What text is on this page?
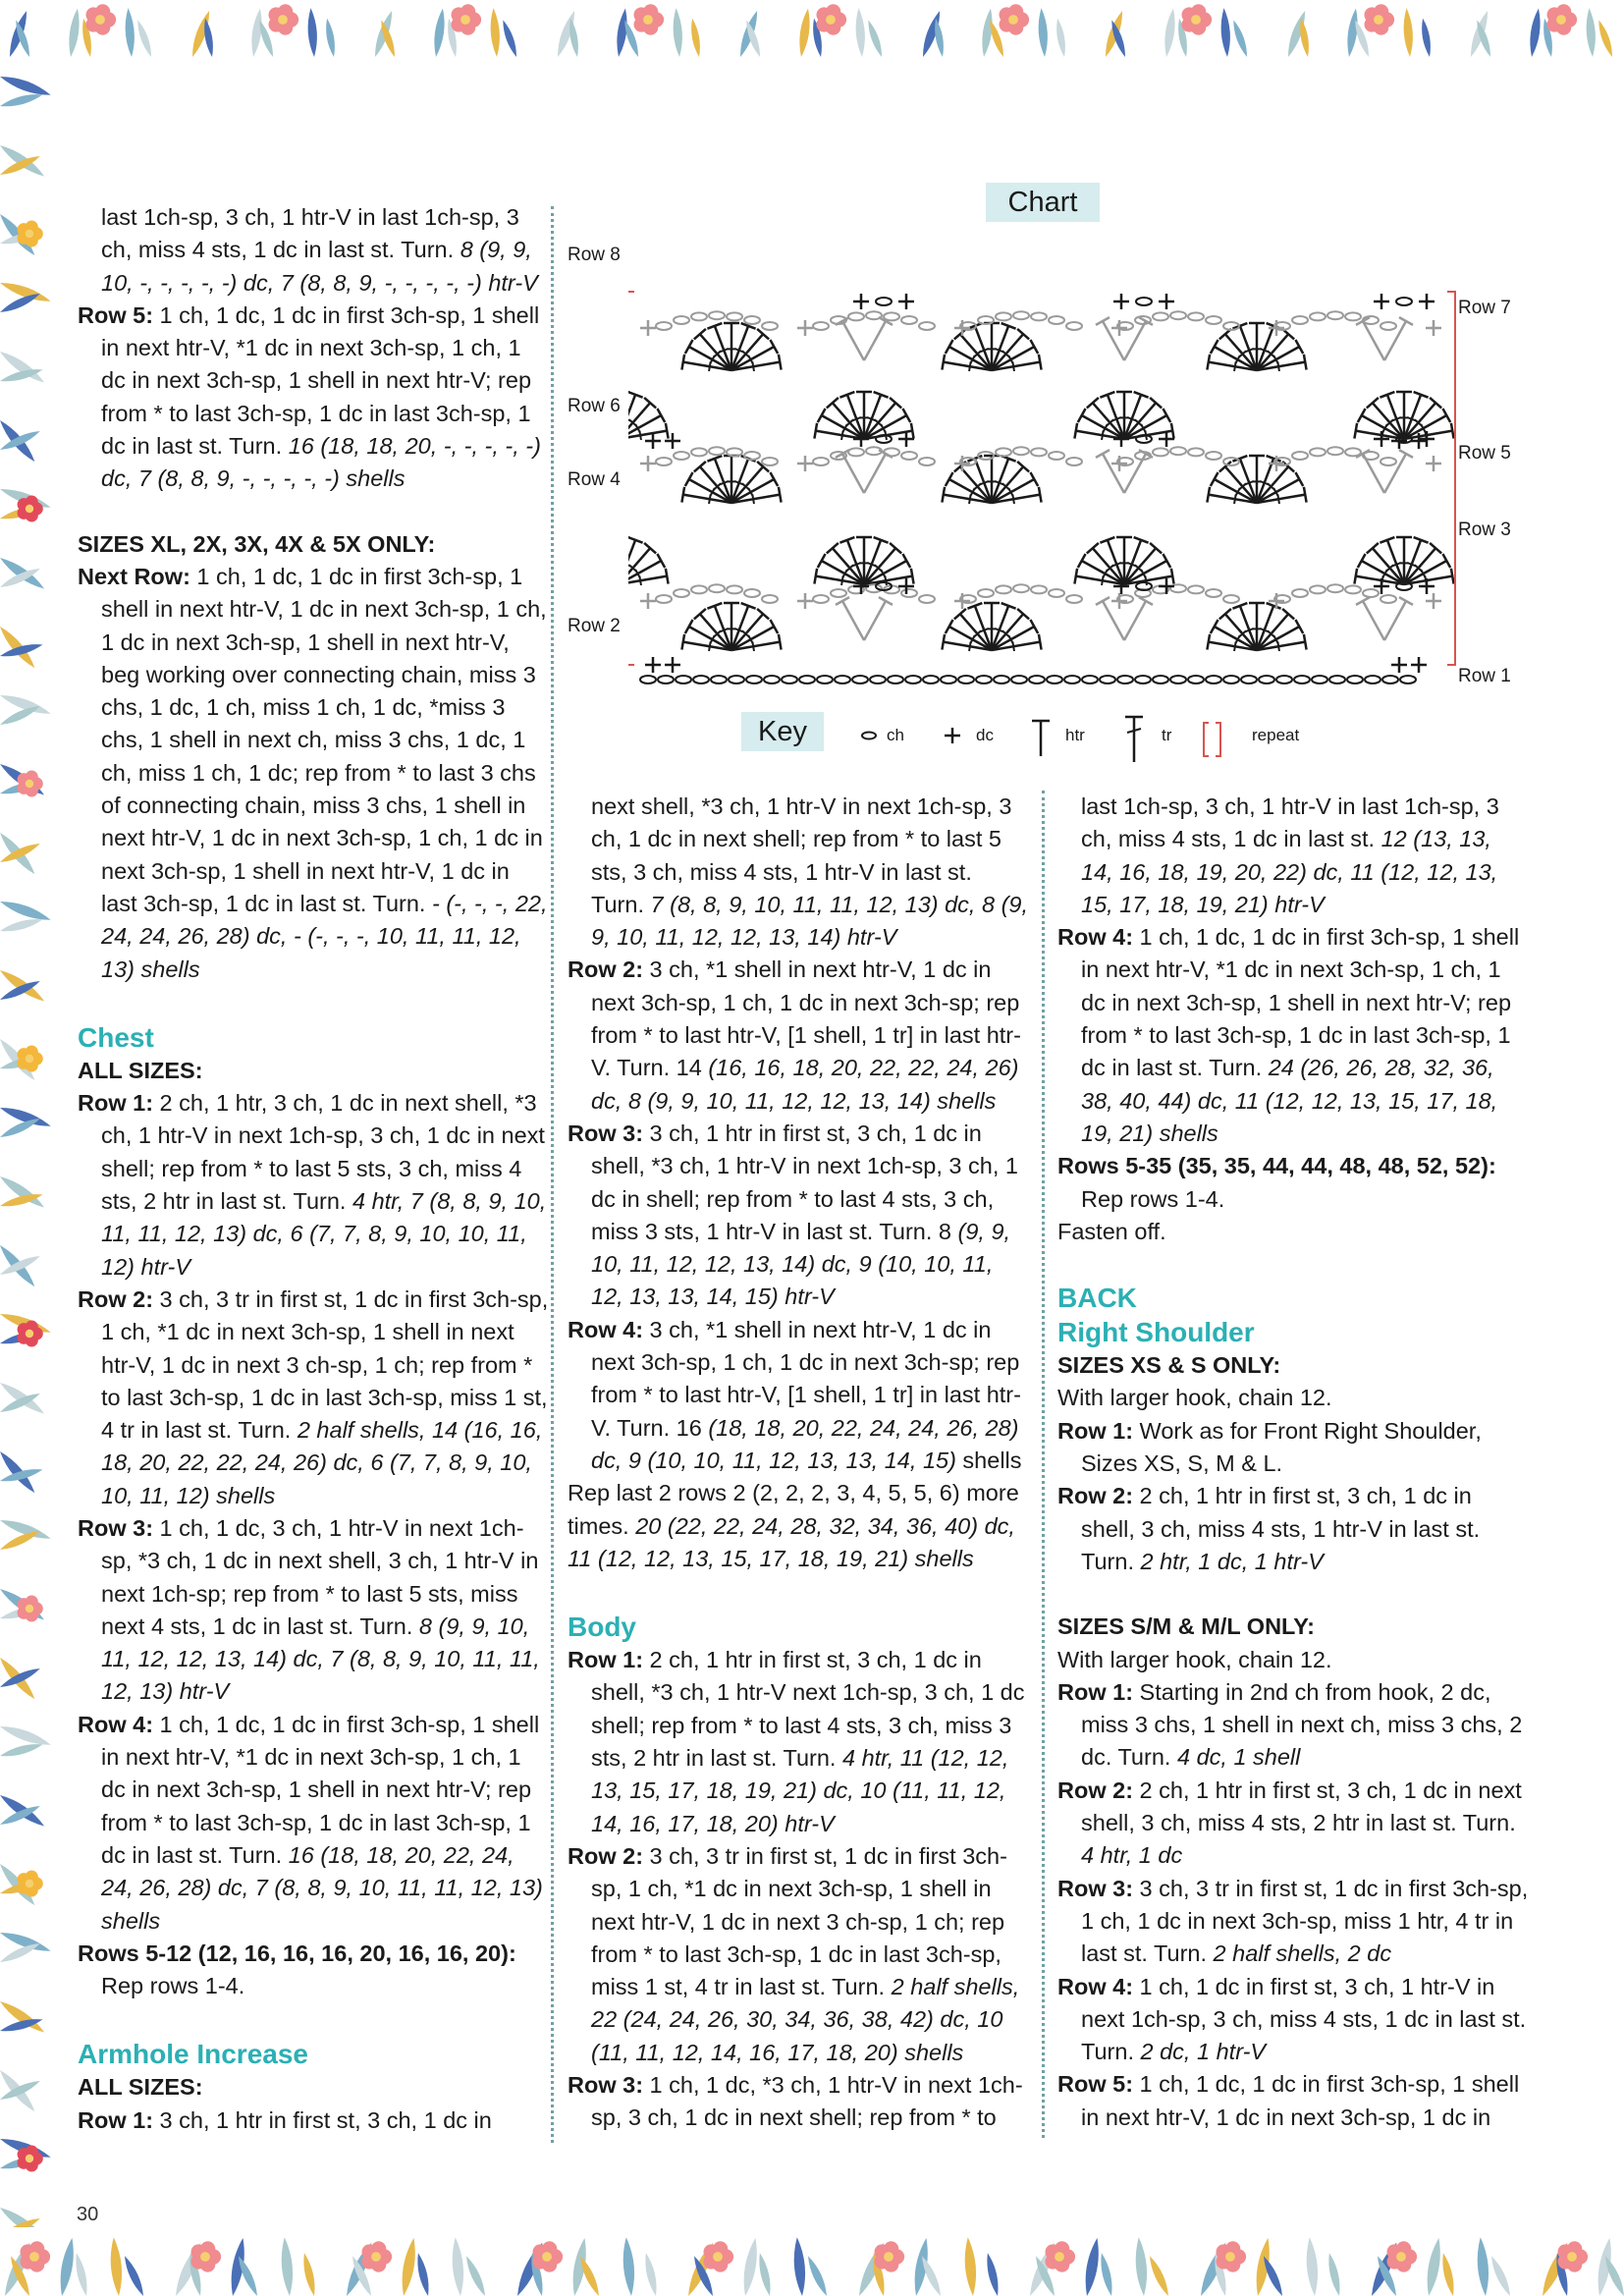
last 1ch-sp, 3 ch, 1 htr-V in last 1ch-sp, 3 ch, miss 4 sts, 1 dc in last st. Turn. 8 (9, 9, 10, -, -, -, -, -) dc, 7 (8, 8, 9, -, -, -, -, -) htr-V

Row 5: 1 ch, 1 dc, 1 dc in first 3ch-sp, 1 shell in next htr-V, *1 dc in next 3ch-sp, 1 ch, 1 dc in next 3ch-sp, 1 shell in next htr-V; rep from * to last 3ch-sp, 1 dc in last 3ch-sp, 1 dc in last st. Turn. 16 (18, 18, 20, -, -, -, -, -) dc, 7 (8, 8, 9, -, -, -, -, -) shells

SIZES XL, 2X, 3X, 4X & 5X ONLY:

Next Row: 1 ch, 1 dc, 1 dc in first 3ch-sp, 1 shell in next htr-V, 1 dc in next 3ch-sp, 1 ch, 1 dc in next 3ch-sp, 1 shell in next htr-V, beg working over connecting chain, miss 3 chs, 1 dc, 1 ch, miss 1 ch, 1 dc, *miss 3 chs, 1 shell in next ch, miss 3 chs, 1 dc, 1 ch, miss 1 ch, 1 dc; rep from * to last 3 chs of connecting chain, miss 3 chs, 1 shell in next htr-V, 1 dc in next 3ch-sp, 1 ch, 1 dc in next 3ch-sp, 1 shell in next htr-V, 1 dc in last 3ch-sp, 1 dc in last st. Turn. - (-, -, -, 22, 24, 24, 26, 28) dc, - (-, -, -, 10, 11, 11, 12, 13) shells

Chest

ALL SIZES:

Row 1: 2 ch, 1 htr, 3 ch, 1 dc in next shell, *3 ch, 1 htr-V in next 1ch-sp, 3 ch, 1 dc in next shell; rep from * to last 5 sts, 3 ch, miss 4 sts, 2 htr in last st. Turn. 4 htr, 7 (8, 8, 9, 10, 11, 11, 12, 13) dc, 6 (7, 7, 8, 9, 10, 10, 11, 12) htr-V

Row 2: 3 ch, 3 tr in first st, 1 dc in first 3ch-sp, 1 ch, *1 dc in next 3ch-sp, 1 shell in next htr-V, 1 dc in next 3 ch-sp, 1 ch; rep from * to last 3ch-sp, 1 dc in last 3ch-sp, miss 1 st, 4 tr in last st. Turn. 2 half shells, 14 (16, 16, 18, 20, 22, 22, 24, 26) dc, 6 (7, 7, 8, 9, 10, 10, 11, 12) shells

Row 3: 1 ch, 1 dc, 3 ch, 1 htr-V in next 1ch-sp, *3 ch, 1 dc in next shell, 3 ch, 1 htr-V in next 1ch-sp; rep from * to last 5 sts, miss next 4 sts, 1 dc in last st. Turn. 8 (9, 9, 10, 11, 12, 12, 13, 14) dc, 7 (8, 8, 9, 10, 11, 11, 12, 13) htr-V

Row 4: 1 ch, 1 dc, 1 dc in first 3ch-sp, 1 shell in next htr-V, *1 dc in next 3ch-sp, 1 ch, 1 dc in next 3ch-sp, 1 shell in next htr-V; rep from * to last 3ch-sp, 1 dc in last 3ch-sp, 1 dc in last st. Turn. 16 (18, 18, 20, 22, 24, 24, 26, 28) dc, 7 (8, 8, 9, 10, 11, 11, 12, 13) shells

Rows 5-12 (12, 16, 16, 16, 20, 16, 16, 20): Rep rows 1-4.

Armhole Increase

ALL SIZES:

Row 1: 3 ch, 1 htr in first st, 3 ch, 1 dc in

next shell, *3 ch, 1 htr-V in next 1ch-sp, 3 ch, 1 dc in next shell; rep from * to last 5 sts, 3 ch, miss 4 sts, 1 htr-V in last st. Turn. 7 (8, 8, 9, 10, 11, 11, 12, 13) dc, 8 (9, 9, 10, 11, 12, 12, 13, 14) htr-V

Row 2: 3 ch, *1 shell in next htr-V, 1 dc in next 3ch-sp, 1 ch, 1 dc in next 3ch-sp; rep from * to last htr-V, [1 shell, 1 tr] in last htr-V. Turn. 14 (16, 16, 18, 20, 22, 22, 24, 26) dc, 8 (9, 9, 10, 11, 12, 12, 13, 14) shells

Row 3: 3 ch, 1 htr in first st, 3 ch, 1 dc in shell, *3 ch, 1 htr-V in next 1ch-sp, 3 ch, 1 dc in shell; rep from * to last 4 sts, 3 ch, miss 3 sts, 1 htr-V in last st. Turn. 8 (9, 9, 10, 11, 12, 12, 13, 14) dc, 9 (10, 10, 11, 12, 13, 13, 14, 15) htr-V

Row 4: 3 ch, *1 shell in next htr-V, 1 dc in next 3ch-sp, 1 ch, 1 dc in next 3ch-sp; rep from * to last htr-V, [1 shell, 1 tr] in last htr-V. Turn. 16 (18, 18, 20, 22, 24, 24, 26, 28) dc, 9 (10, 10, 11, 12, 13, 13, 14, 15) shells

Rep last 2 rows 2 (2, 2, 2, 3, 4, 5, 5, 6) more times. 20 (22, 22, 24, 28, 32, 34, 36, 40) dc, 11 (12, 12, 13, 15, 17, 18, 19, 21) shells

Body

Row 1: 2 ch, 1 htr in first st, 3 ch, 1 dc in shell, *3 ch, 1 htr-V next 1ch-sp, 3 ch, 1 dc shell; rep from * to last 4 sts, 3 ch, miss 3 sts, 2 htr in last st. Turn. 4 htr, 11 (12, 12, 13, 15, 17, 18, 19, 21) dc, 10 (11, 11, 12, 14, 16, 17, 18, 20) htr-V

Row 2: 3 ch, 3 tr in first st, 1 dc in first 3ch-sp, 1 ch, *1 dc in next 3ch-sp, 1 shell in next htr-V, 1 dc in next 3 ch-sp, 1 ch; rep from * to last 3ch-sp, 1 dc in last 3ch-sp, miss 1 st, 4 tr in last st. Turn. 2 half shells, 22 (24, 24, 26, 30, 34, 36, 38, 42) dc, 10 (11, 11, 12, 14, 16, 17, 18, 20) shells

Row 3: 1 ch, 1 dc, *3 ch, 1 htr-V in next 1ch-sp, 3 ch, 1 dc in next shell; rep from * to

last 1ch-sp, 3 ch, 1 htr-V in last 1ch-sp, 3 ch, miss 4 sts, 1 dc in last st. 12 (13, 13, 14, 16, 18, 19, 20, 22) dc, 11 (12, 12, 13, 15, 17, 18, 19, 21) htr-V

Row 4: 1 ch, 1 dc, 1 dc in first 3ch-sp, 1 shell in next htr-V, *1 dc in next 3ch-sp, 1 ch, 1 dc in next 3ch-sp, 1 shell in next htr-V; rep from * to last 3ch-sp, 1 dc in last 3ch-sp, 1 dc in last st. Turn. 24 (26, 26, 28, 32, 36, 38, 40, 44) dc, 11 (12, 12, 13, 15, 17, 18, 19, 21) shells

Rows 5-35 (35, 35, 44, 44, 48, 48, 52, 52): Rep rows 1-4.

Fasten off.

BACK

Right Shoulder

SIZES XS & S ONLY:

With larger hook, chain 12.

Row 1: Work as for Front Right Shoulder, Sizes XS, S, M & L.

Row 2: 2 ch, 1 htr in first st, 3 ch, 1 dc in shell, 3 ch, miss 4 sts, 1 htr-V in last st. Turn. 2 htr, 1 dc, 1 htr-V

SIZES S/M & M/L ONLY:

With larger hook, chain 12.

Row 1: Starting in 2nd ch from hook, 2 dc, miss 3 chs, 1 shell in next ch, miss 3 chs, 2 dc. Turn. 4 dc, 1 shell

Row 2: 2 ch, 1 htr in first st, 3 ch, 1 dc in next shell, 3 ch, miss 4 sts, 2 htr in last st. Turn. 4 htr, 1 dc

Row 3: 3 ch, 3 tr in first st, 1 dc in first 3ch-sp, 1 ch, 1 dc in next 3ch-sp, miss 1 htr, 4 tr in last st. Turn. 2 half shells, 2 dc

Row 4: 1 ch, 1 dc in first st, 3 ch, 1 htr-V in next 1ch-sp, 3 ch, miss 4 sts, 1 dc in last st. Turn. 2 dc, 1 htr-V

Row 5: 1 ch, 1 dc, 1 dc in first 3ch-sp, 1 shell in next htr-V, 1 dc in next 3ch-sp, 1 dc in

Chart
Row 8
Row 6
Row 4
Row 2
Row 7
Row 5
Row 3
Row 1
Key	ch	dc	htr	tr	repeat
30
